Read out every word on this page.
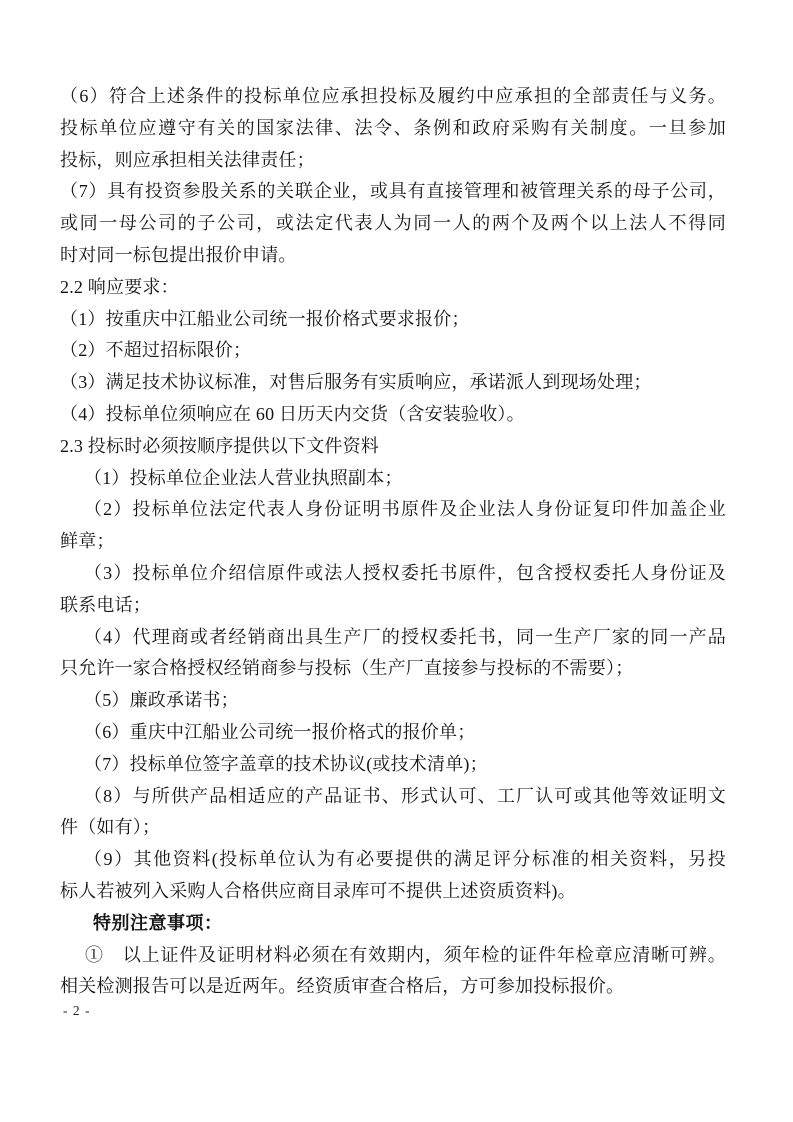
（6）符合上述条件的投标单位应承担投标及履约中应承担的全部责任与义务。
投标单位应遵守有关的国家法律、法令、条例和政府采购有关制度。一旦参加
投标，则应承担相关法律责任；
（7）具有投资参股关系的关联企业，或具有直接管理和被管理关系的母子公司，
或同一母公司的子公司，或法定代表人为同一人的两个及两个以上法人不得同
时对同一标包提出报价申请。
2.2 响应要求：
（1）按重庆中江船业公司统一报价格式要求报价；
（2）不超过招标限价；
（3）满足技术协议标准，对售后服务有实质响应，承诺派人到现场处理；
（4）投标单位须响应在 60 日历天内交货（含安装验收）。
2.3 投标时必须按顺序提供以下文件资料
（1）投标单位企业法人营业执照副本；
（2）投标单位法定代表人身份证明书原件及企业法人身份证复印件加盖企业
鲜章；
（3）投标单位介绍信原件或法人授权委托书原件，包含授权委托人身份证及
联系电话；
（4）代理商或者经销商出具生产厂的授权委托书，同一生产厂家的同一产品
只允许一家合格授权经销商参与投标（生产厂直接参与投标的不需要）；
（5）廉政承诺书；
（6）重庆中江船业公司统一报价格式的报价单；
（7）投标单位签字盖章的技术协议(或技术清单)；
（8）与所供产品相适应的产品证书、形式认可、工厂认可或其他等效证明文
件（如有）；
（9）其他资料(投标单位认为有必要提供的满足评分标准的相关资料，另投
标人若被列入采购人合格供应商目录库可不提供上述资质资料)。
特别注意事项：
①　以上证件及证明材料必须在有效期内，须年检的证件年检章应清晰可辨。
相关检测报告可以是近两年。经资质审查合格后，方可参加投标报价。
- 2 -
